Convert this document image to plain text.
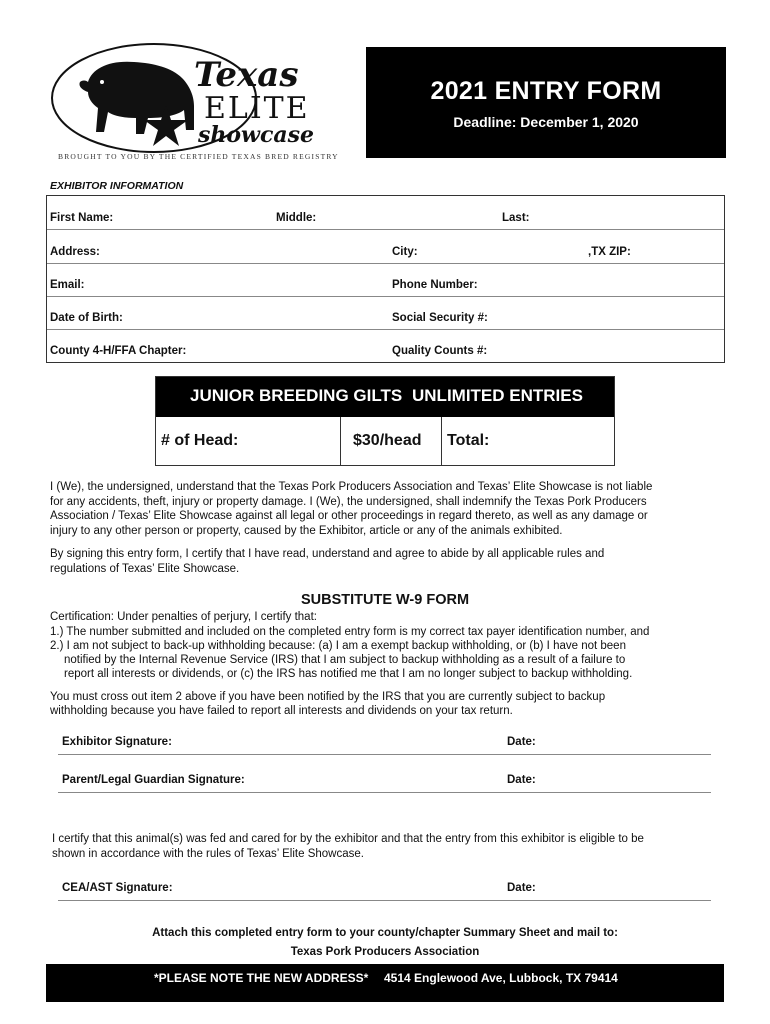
Texas
ELITE
showcase
BROUGHT TO YOU BY THE CERTIFIED TEXAS BRED REGISTRY
2021 ENTRY FORM
Deadline: December 1, 2020
EXHIBITOR INFORMATION
First Name:	Middle:	Last:
Address:	City:	,TX ZIP:
Email:	Phone Number:
Date of Birth:	Social Security #:
County 4-H/FFA Chapter:	Quality Counts #:
JUNIOR BREEDING GILTS UNLIMITED ENTRIES
# of Head:	$30/head Total:
I (We), the undersigned, understand that the Texas Pork Producers Association and Texas’ Elite Showcase is not liable
for any accidents, theft, injury or property damage. I (We), the undersigned, shall indemnify the Texas Pork Producers
Association / Texas’ Elite Showcase against all legal or other proceedings in regard thereto, as well as any damage or
injury to any other person or property, caused by the Exhibitor, article or any of the animals exhibited.
By signing this entry form, I certify that I have read, understand and agree to abide by all applicable rules and
regulations of Texas’ Elite Showcase.
SUBSTITUTE W-9 FORM
Certification: Under penalties of perjury, I certify that:
1.) The number submitted and included on the completed entry form is my correct tax payer identification number, and
2.) I am not subject to back-up withholding because: (a) I am a exempt backup withholding, or (b) I have not been
notified by the Internal Revenue Service (IRS) that I am subject to backup withholding as a result of a failure to
report all interests or dividends, or (c) the IRS has notified me that I am no longer subject to backup withholding.
You must cross out item 2 above if you have been notified by the IRS that you are currently subject to backup
withholding because you have failed to report all interests and dividends on your tax return.
Exhibitor Signature:	Date:
Parent/Legal Guardian Signature:	Date:
I certify that this animal(s) was fed and cared for by the exhibitor and that the entry from this exhibitor is eligible to be
shown in accordance with the rules of Texas’ Elite Showcase.
CEA/AST Signature:	Date:
Attach this completed entry form to your county/chapter Summary Sheet and mail to:
Texas Pork Producers Association
*PLEASE NOTE THE NEW ADDRESS* 4514 Englewood Ave, Lubbock, TX 79414
